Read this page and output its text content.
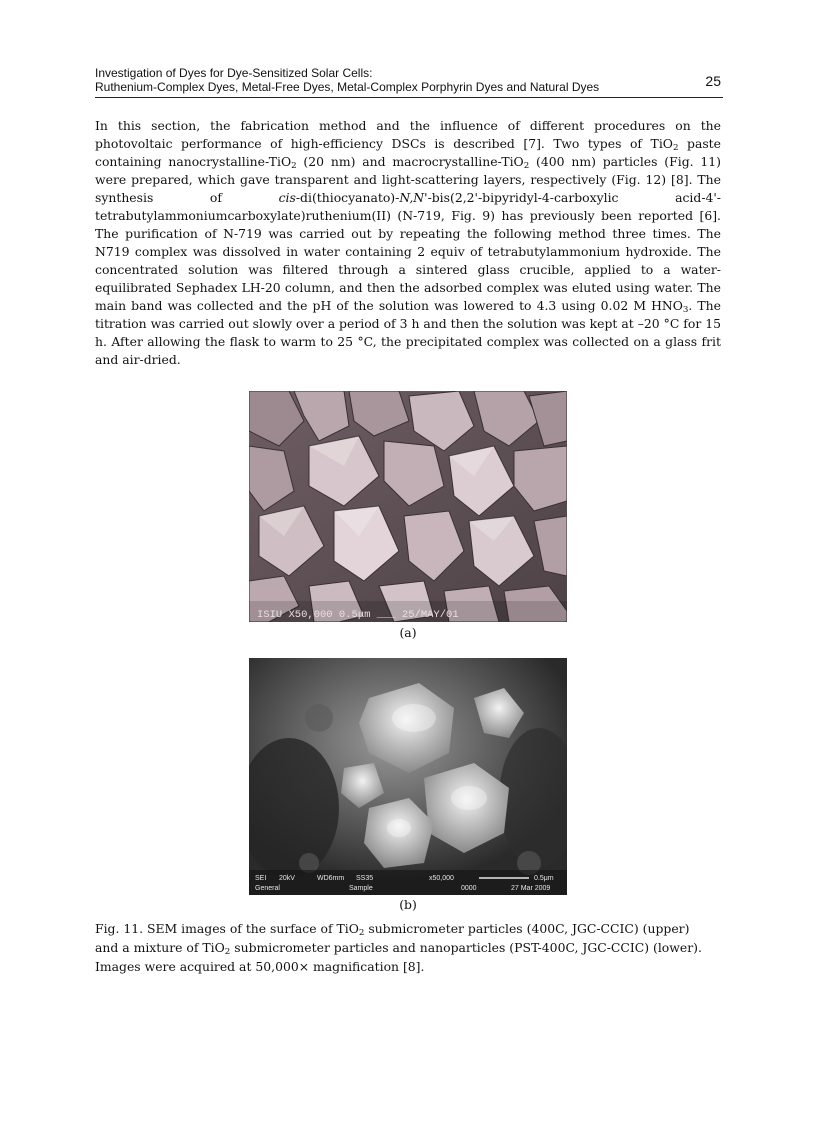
Investigation of Dyes for Dye-Sensitized Solar Cells:
Ruthenium-Complex Dyes, Metal-Free Dyes, Metal-Complex Porphyrin Dyes and Natural Dyes	25

In this section, the fabrication method and the influence of different procedures on the photovoltaic performance of high-efficiency DSCs is described [7]. Two types of TiO$_2$ paste containing nanocrystalline-TiO$_2$ (20 nm) and macrocrystalline-TiO$_2$ (400 nm) particles (Fig. 11) were prepared, which gave transparent and light-scattering layers, respectively (Fig. 12) [8]. The synthesis of cis-di(thiocyanato)-N,N'-bis(2,2'-bipyridyl-4-carboxylic acid-4'-tetrabutylammoniumcarboxylate)ruthenium(II) (N-719, Fig. 9) has previously been reported [6]. The purification of N-719 was carried out by repeating the following method three times. The N719 complex was dissolved in water containing 2 equiv of tetrabutylammonium hydroxide. The concentrated solution was filtered through a sintered glass crucible, applied to a water-equilibrated Sephadex LH-20 column, and then the adsorbed complex was eluted using water. The main band was collected and the pH of the solution was lowered to 4.3 using 0.02 M $HNO_3$. The titration was carried out slowly over a period of 3 h and then the solution was kept at –20 °C for 15 h. After allowing the flask to warm to 25 °C, the precipitated complex was collected on a glass frit and air-dried.

ISIU X50,000 0.5μm ___ 25/MAY/01
(a)
SEI 20kV	WD6mm SS35	x50,000	0.5μm
General	Sample	0000	27 Mar 2009
(b)

Fig. 11. SEM images of the surface of TiO$_2$ submicrometer particles (400C, JGC-CCIC) (upper) and a mixture of TiO$_2$ submicrometer particles and nanoparticles (PST-400C, JGC-CCIC) (lower). Images were acquired at 50,000× magnification [8].
